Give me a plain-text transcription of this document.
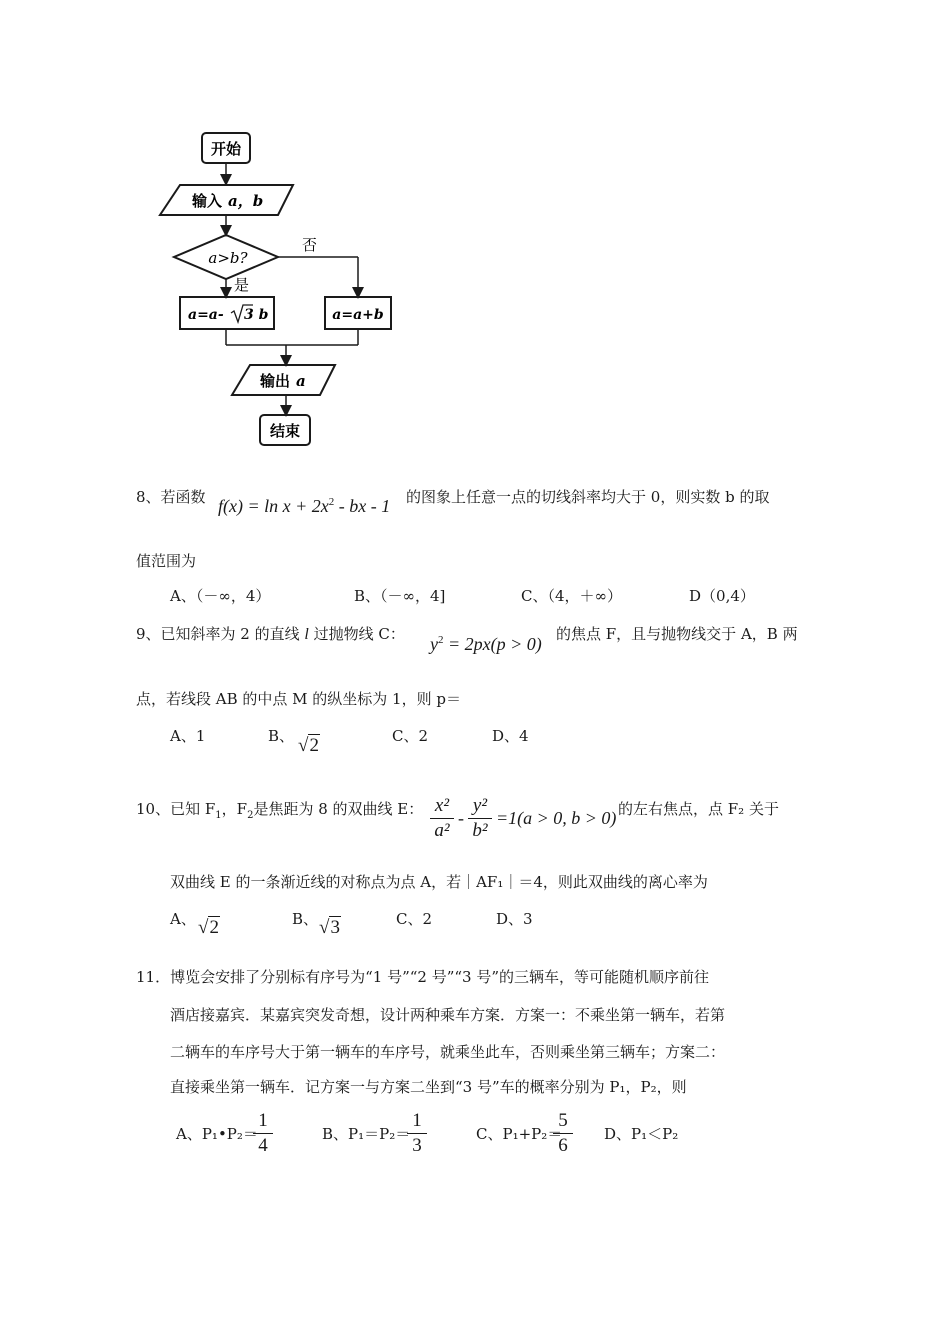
开始
输入 a，b
a>b?
否
是
a=a- 3 b	a=a+b
输出 a
结束
8、若函数 $f(x) = \ln x + 2x^2$ - bx - 1 的图象上任意一点的切线斜率均大于 0，则实数 b 的取
值范围为
A、（－∞，4）	B、（－∞，4]	C、（4，＋∞）	D（0,4）
9、已知斜率为 2 的直线 l 过抛物线 C： $y^2 = 2px(p > 0)$ 的焦点 F，且与抛物线交于 A，B 两
点，若线段 AB 的中点 M 的纵坐标为 1，则 p＝
A、1	B、 √2	C、2	D、4
10、已知 $F_1$，$F_2$是焦距为 8 的双曲线 E： x²
a²
-
y²
b²
=1(a > 0, b > 0) 的左右焦点，点 F₂ 关于
双曲线 E 的一条渐近线的对称点为点 A，若｜AF₁｜＝4，则此双曲线的离心率为
A、 √2	B、 √3	C、2	D、3
11．博览会安排了分别标有序号为“1 号”“2 号”“3 号”的三辆车，等可能随机顺序前往
酒店接嘉宾．某嘉宾突发奇想，设计两种乘车方案．方案一：不乘坐第一辆车，若第
二辆车的车序号大于第一辆车的车序号，就乘坐此车，否则乘坐第三辆车；方案二：
直接乘坐第一辆车．记方案一与方案二坐到“3 号”车的概率分别为 P₁，P₂，则
A、P₁•P₂＝
1
4
B、P₁＝P₂＝
1
3
C、P₁+P₂＝
5
6
D、P₁＜P₂
